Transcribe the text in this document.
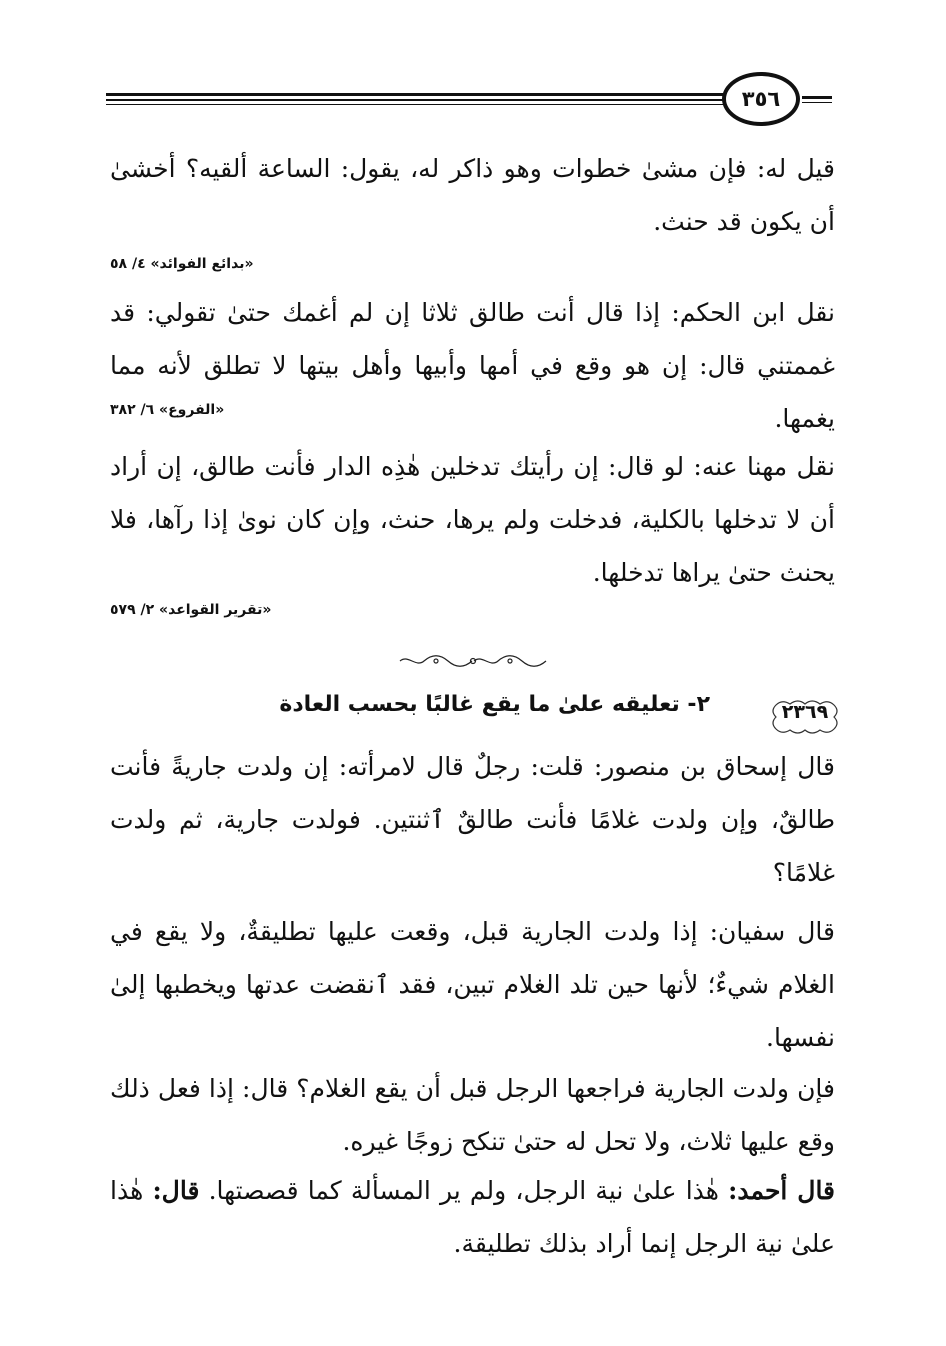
٣٥٦

قيل له: فإن مشىٰ خطوات وهو ذاكر له، يقول: الساعة ألقيه؟ أخشىٰ أن يكون قد حنث.

«بدائع الفوائد» ٤/ ٥٨

نقل ابن الحكم: إذا قال أنت طالق ثلاثا إن لم أغمك حتىٰ تقولي: قد غممتني قال: إن هو وقع في أمها وأبيها وأهل بيتها لا تطلق لأنه مما يغمها.

«الفروع» ٦/ ٣٨٢

نقل مهنا عنه: لو قال: إن رأيتك تدخلين هٰذِه الدار فأنت طالق، إن أراد أن لا تدخلها بالكلية، فدخلت ولم يرها، حنث، وإن كان نوىٰ إذا رآها، فلا يحنث حتىٰ يراها تدخلها.

«تقرير القواعد» ٢/ ٥٧٩

٢٣٦٩
٢- تعليقه علىٰ ما يقع غالبًا بحسب العادة

قال إسحاق بن منصور: قلت: رجلٌ قال لامرأته: إن ولدت جاريةً فأنت طالقٌ، وإن ولدت غلامًا فأنت طالقٌ ٱثنتين. فولدت جارية، ثم ولدت غلامًا؟

قال سفيان: إذا ولدت الجارية قبل، وقعت عليها تطليقةٌ، ولا يقع في الغلام شيءٌ؛ لأنها حين تلد الغلام تبين، فقد ٱنقضت عدتها ويخطبها إلىٰ نفسها.

فإن ولدت الجارية فراجعها الرجل قبل أن يقع الغلام؟ قال: إذا فعل ذلك وقع عليها ثلاث، ولا تحل له حتىٰ تنكح زوجًا غيره.

قال أحمد: هٰذا علىٰ نية الرجل، ولم ير المسألة كما قصصتها. قال: هٰذا علىٰ نية الرجل إنما أراد بذلك تطليقة.
